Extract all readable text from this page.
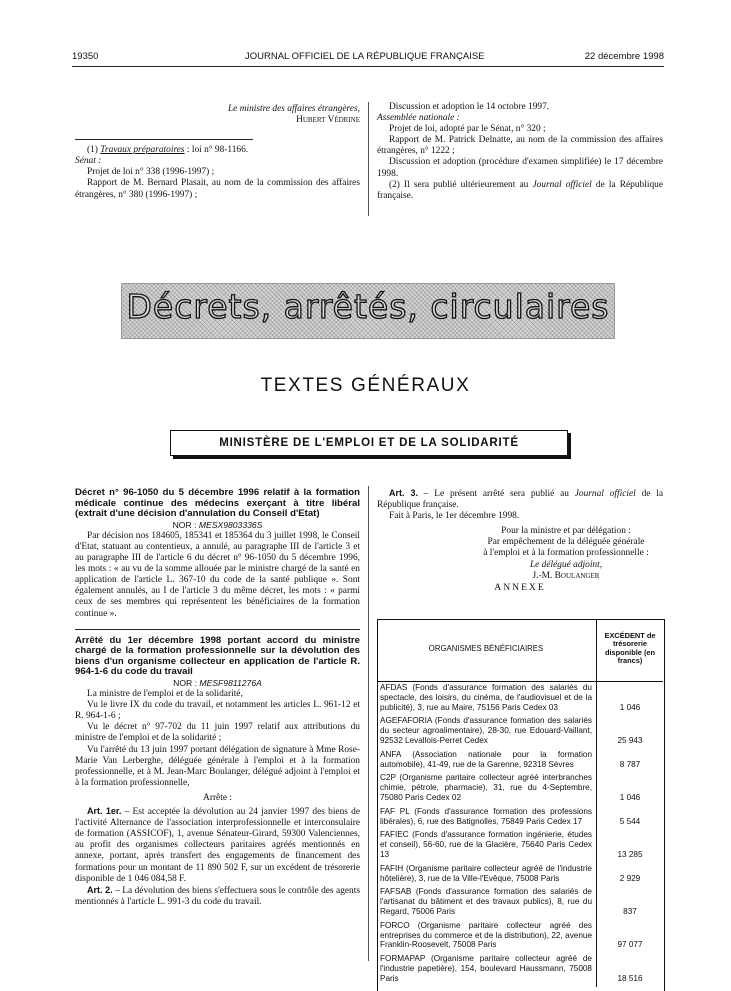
19350	JOURNAL OFFICIEL DE LA RÉPUBLIQUE FRANÇAISE	22 décembre 1998

Le ministre des affaires étrangères,

Hubert Védrine

(1) Travaux préparatoires : loi n° 98-1166.

Sénat :

Projet de loi n° 338 (1996-1997) ;

Rapport de M. Bernard Plasait, au nom de la commission des affaires étrangères, n° 380 (1996-1997) ;

Discussion et adoption le 14 octobre 1997.

Assemblée nationale :

Projet de loi, adopté par le Sénat, n° 320 ;

Rapport de M. Patrick Delnatte, au nom de la commission des affaires étrangères, n° 1222 ;

Discussion et adoption (procédure d'examen simplifiée) le 17 décembre 1998.

(2) Il sera publié ultérieurement au Journal officiel de la République française.

Décrets, arrêtés, circulaires
TEXTES GÉNÉRAUX
MINISTÈRE DE L'EMPLOI ET DE LA SOLIDARITÉ

Décret n° 96-1050 du 5 décembre 1996 relatif à la formation médicale continue des médecins exerçant à titre libéral (extrait d'une décision d'annulation du Conseil d'Etat)

NOR : MESX9803336S

Par décision nos 184605, 185341 et 185364 du 3 juillet 1998, le Conseil d'Etat, statuant au contentieux, a annulé, au paragraphe III de l'article 3 et au paragraphe III de l'article 6 du décret n° 96-1050 du 5 décembre 1996, les mots : « au vu de la somme allouée par le ministre chargé de la santé en application de l'article L. 367-10 du code de la santé publique ». Sont également annulés, au I de l'article 3 du même décret, les mots : « parmi ceux de ses membres qui représentent les bénéficiaires de la formation continue ».

Arrêté du 1er décembre 1998 portant accord du ministre chargé de la formation professionnelle sur la dévolution des biens d'un organisme collecteur en application de l'article R. 964-1-6 du code du travail

NOR : MESF9811276A

La ministre de l'emploi et de la solidarité,

Vu le livre IX du code du travail, et notamment les articles L. 961-12 et R. 964-1-6 ;

Vu le décret n° 97-702 du 11 juin 1997 relatif aux attributions du ministre de l'emploi et de la solidarité ;

Vu l'arrêté du 13 juin 1997 portant délégation de signature à Mme Rose-Marie Van Lerberghe, déléguée générale à l'emploi et à la formation professionnelle, et à M. Jean-Marc Boulanger, délégué adjoint à l'emploi et à la formation professionnelle,

Arrête :

Art. 1er. – Est acceptée la dévolution au 24 janvier 1997 des biens de l'activité Alternance de l'association interprofessionnelle et interconsulaire de formation (ASSICOF), 1, avenue Sénateur-Girard, 59300 Valenciennes, au profit des organismes collecteurs paritaires agréés mentionnés en annexe, portant, après transfert des engagements de financement des formations pour un montant de 11 890 502 F, sur un excédent de trésorerie disponible de 1 046 084,58 F.

Art. 2. – La dévolution des biens s'effectuera sous le contrôle des agents mentionnés à l'article L. 991-3 du code du travail.

Art. 3. – Le présent arrêté sera publié au Journal officiel de la République française.

Fait à Paris, le 1er décembre 1998.

Pour la ministre et par délégation :

Par empêchement de la déléguée générale

à l'emploi et à la formation professionnelle :

Le délégué adjoint,

J.-M. Boulanger

ANNEXE

ORGANISMES BÉNÉFICIAIRES	EXCÉDENT de trésorerie disponible (en francs)
AFDAS (Fonds d'assurance formation des salariés du spectacle, des loisirs, du cinéma, de l'audiovisuel et de la publicité), 3, rue au Maire, 75156 Paris Cedex 03	1 046
AGEFAFORIA (Fonds d'assurance formation des salariés du secteur agroalimentaire), 28-30, rue Edouard-Vaillant, 92532 Levallois-Perret Cedex	25 943
ANFA (Association nationale pour la formation automobile), 41-49, rue de la Garenne, 92318 Sèvres	8 787
C2P (Organisme paritaire collecteur agréé interbranches chimie, pétrole, pharmacie), 31, rue du 4-Septembre, 75080 Paris Cedex 02	1 046
FAF PL (Fonds d'assurance formation des professions libérales), 6, rue des Batignolles, 75849 Paris Cedex 17	5 544
FAFIEC (Fonds d'assurance formation ingénierie, études et conseil), 56-60, rue de la Glacière, 75640 Paris Cedex 13	13 285
FAFIH (Organisme paritaire collecteur agréé de l'industrie hôtelière), 3, rue de la Ville-l'Evêque, 75008 Paris	2 929
FAFSAB (Fonds d'assurance formation des salariés de l'artisanat du bâtiment et des travaux publics), 8, rue du Regard, 75006 Paris	837
FORCO (Organisme paritaire collecteur agréé des entreprises du commerce et de la distribution), 22, avenue Franklin-Roosevelt, 75008 Paris	97 077
FORMAPAP (Organisme paritaire collecteur agréé de l'industrie papetière), 154, boulevard Haussmann, 75008 Paris	18 516
